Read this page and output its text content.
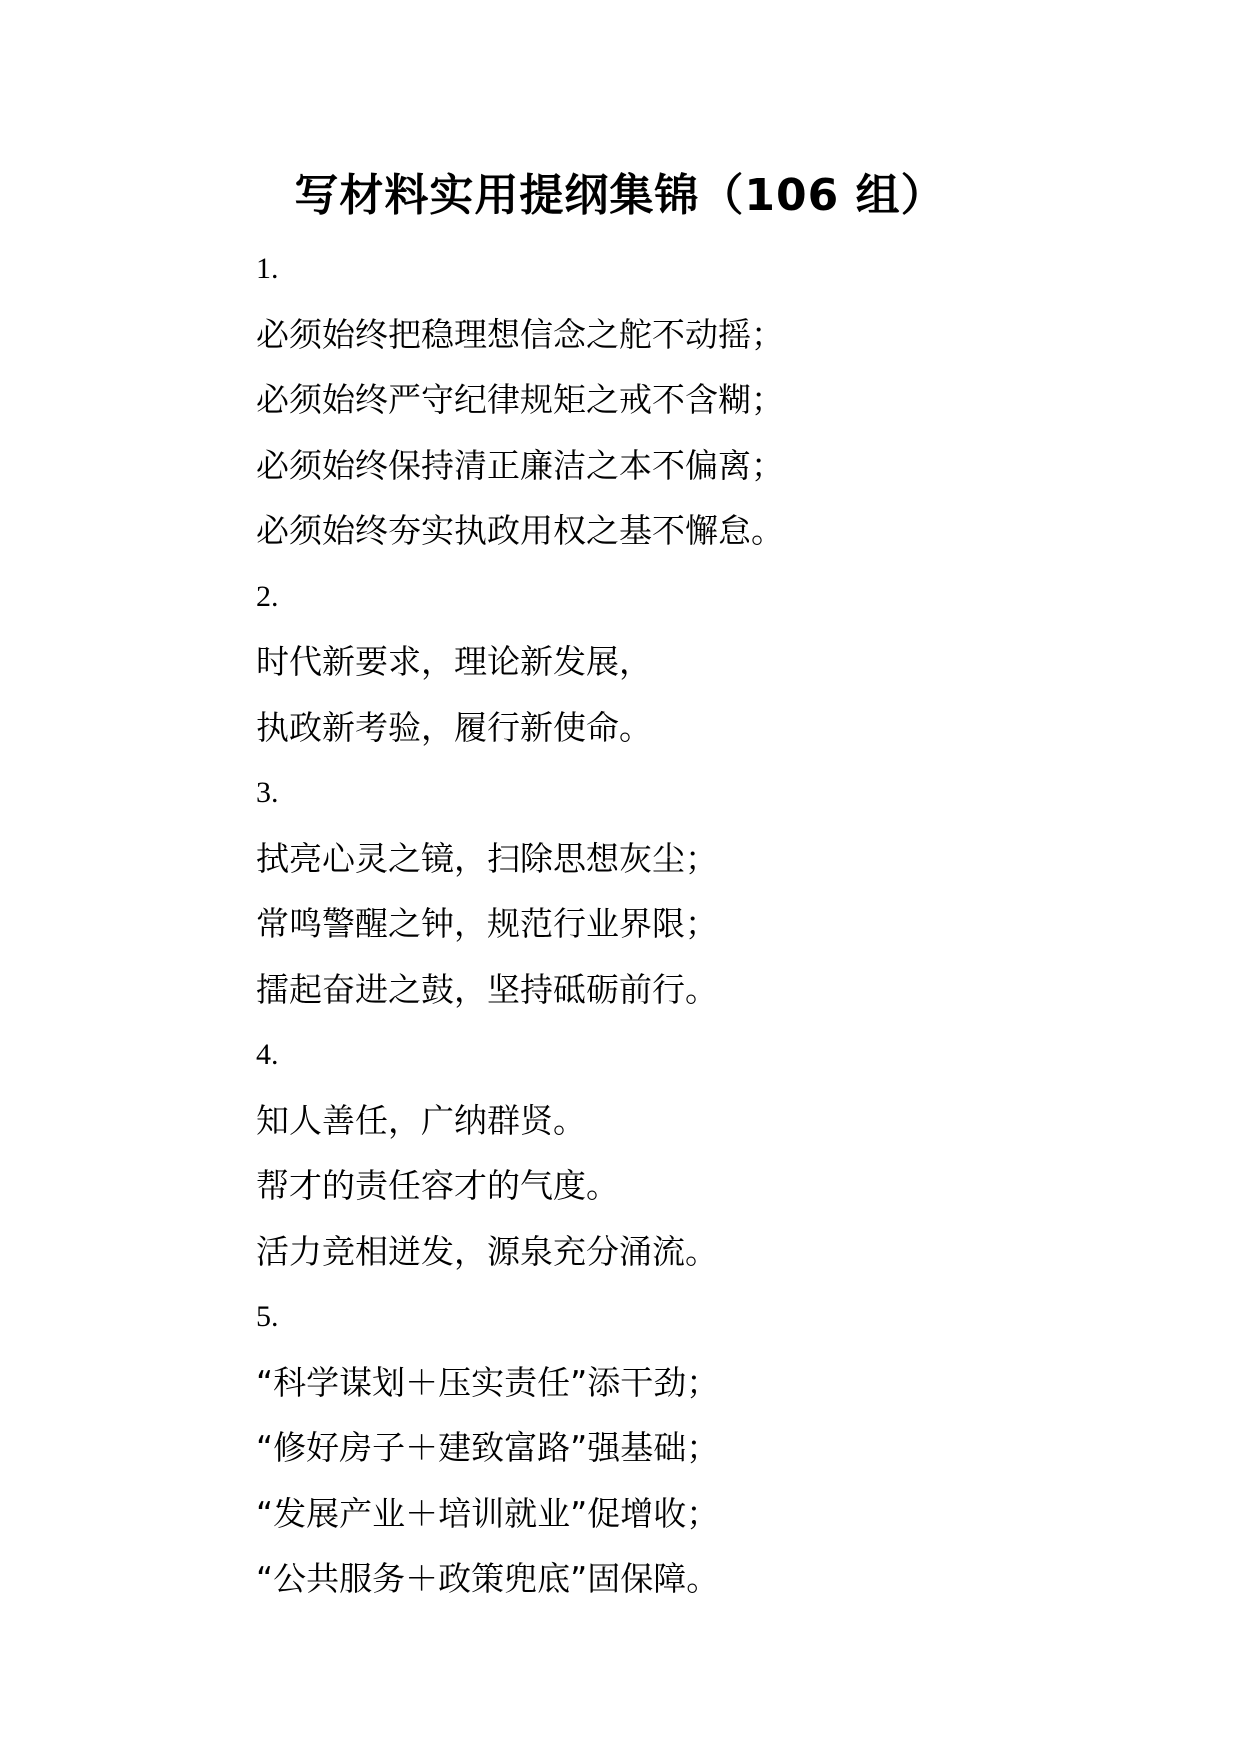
写材料实用提纲集锦（106 组）
1.
必须始终把稳理想信念之舵不动摇；
必须始终严守纪律规矩之戒不含糊；
必须始终保持清正廉洁之本不偏离；
必须始终夯实执政用权之基不懈怠。
2.
时代新要求，理论新发展，
执政新考验，履行新使命。
3.
拭亮心灵之镜，扫除思想灰尘；
常鸣警醒之钟，规范行业界限；
擂起奋进之鼓，坚持砥砺前行。
4.
知人善任，广纳群贤。
帮才的责任容才的气度。
活力竞相迸发，源泉充分涌流。
5.
“科学谋划＋压实责任”添干劲；
“修好房子＋建致富路”强基础；
“发展产业＋培训就业”促增收；
“公共服务＋政策兜底”固保障。
